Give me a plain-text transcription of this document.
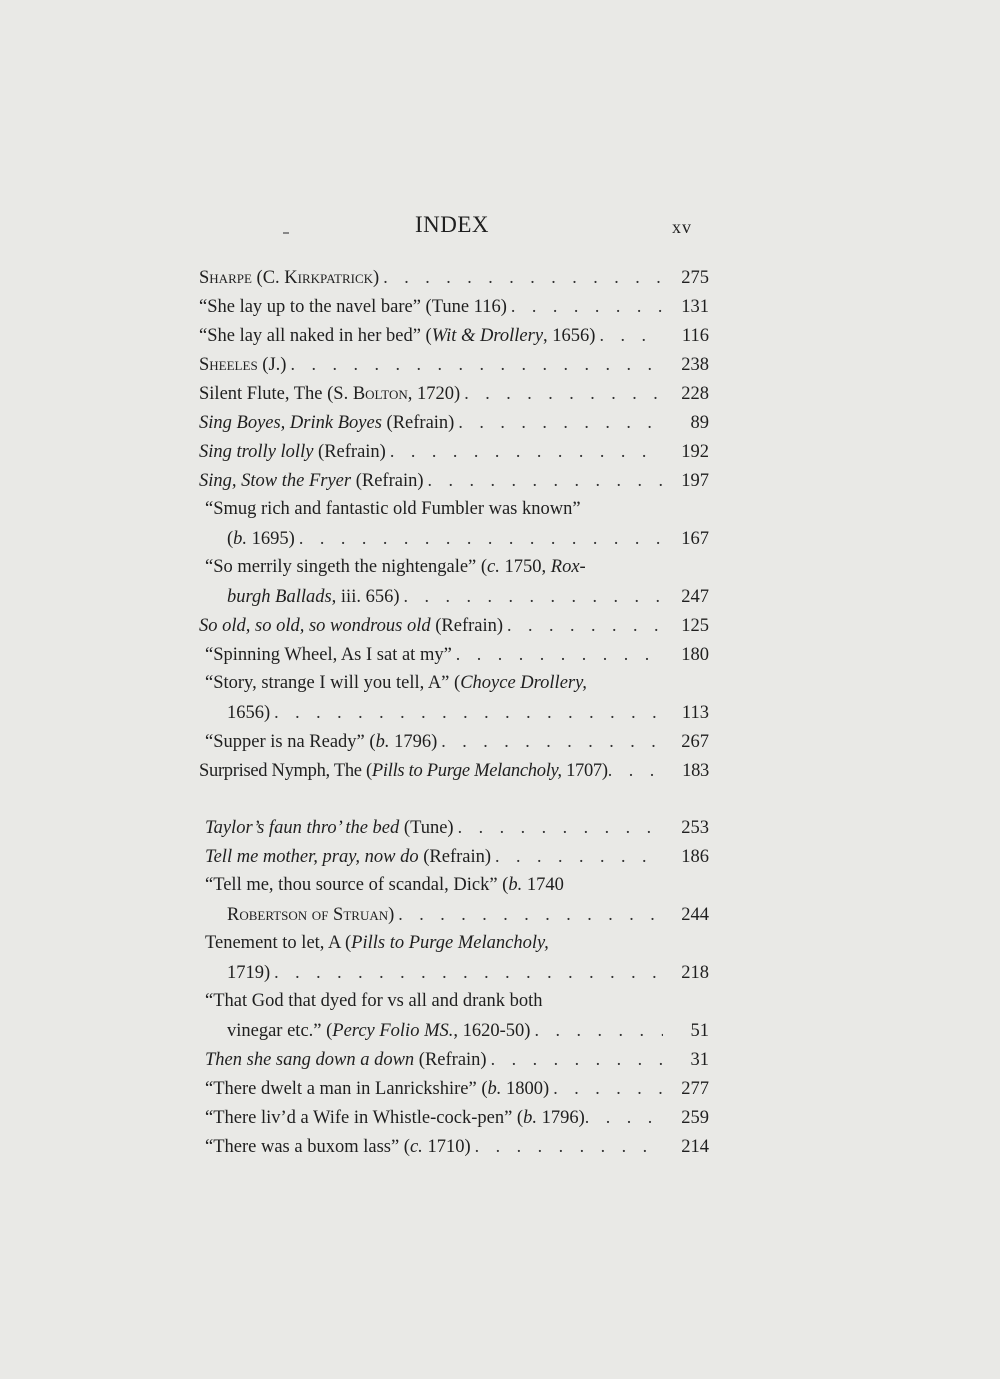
INDEX	xv
Sharpe (C. Kirkpatrick) . . .	275
“She lay up to the navel bare” (Tune 116) . . .	131
“She lay all naked in her bed” (Wit & Drollery, 1656) . . .	116
Sheeles (J.) . . .	238
Silent Flute, The (S. Bolton, 1720) . . .	228
Sing Boyes, Drink Boyes (Refrain) . . .	89
Sing trolly lolly (Refrain) . . .	192
Sing, Stow the Fryer (Refrain) . . .	197
“Smug rich and fantastic old Fumbler was known”
(b. 1695) . . .	167
“So merrily singeth the nightengale” (c. 1750, Rox-
burgh Ballads, iii. 656) . . .	247
So old, so old, so wondrous old (Refrain) . . .	125
“Spinning Wheel, As I sat at my” . . .	180
“Story, strange I will you tell, A” (Choyce Drollery,
1656) . . .	113
“Supper is na Ready” (b. 1796) . . .	267
Surprised Nymph, The (Pills to Purge Melancholy, 1707) . . .	183
Taylor’s faun thro’ the bed (Tune) . . .	253
Tell me mother, pray, now do (Refrain) . . .	186
“Tell me, thou source of scandal, Dick” (b. 1740
Robertson of Struan) . . .	244
Tenement to let, A (Pills to Purge Melancholy,
1719) . . .	218
“That God that dyed for vs all and drank both
vinegar etc.” (Percy Folio MS., 1620-50) . . .	51
Then she sang down a down (Refrain) . . .	31
“There dwelt a man in Lanrickshire” (b. 1800) . . .	277
“There liv’d a Wife in Whistle-cock-pen” (b. 1796) . . .	259
“There was a buxom lass” (c. 1710) . . .	214
